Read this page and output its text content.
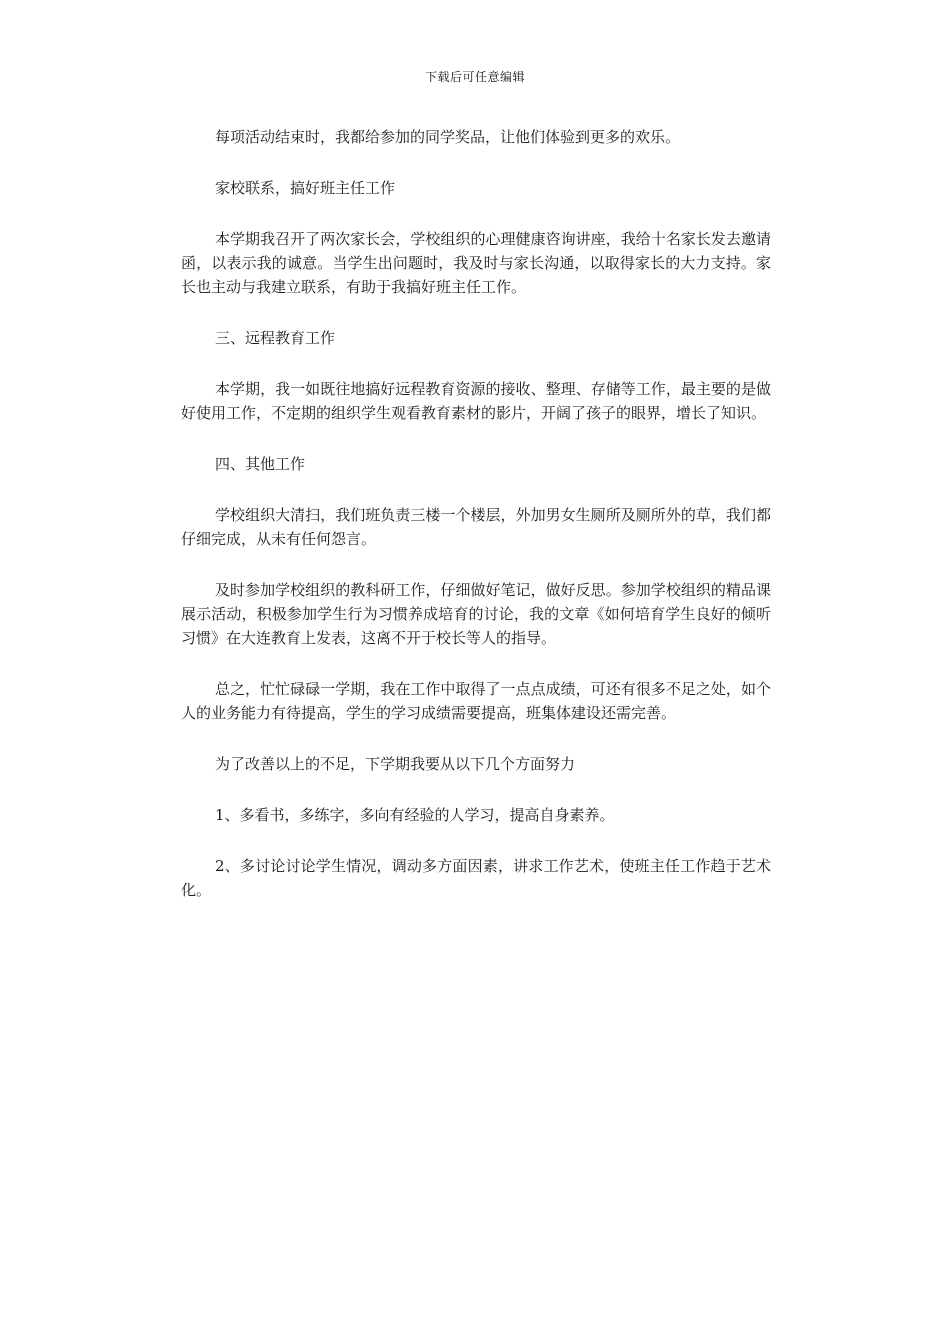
下载后可任意编辑

每项活动结束时，我都给参加的同学奖品，让他们体验到更多的欢乐。

家校联系，搞好班主任工作

本学期我召开了两次家长会，学校组织的心理健康咨询讲座，我给十名家长发去邀请函，以表示我的诚意。当学生出问题时，我及时与家长沟通，以取得家长的大力支持。家长也主动与我建立联系，有助于我搞好班主任工作。

三、远程教育工作

本学期，我一如既往地搞好远程教育资源的接收、整理、存储等工作，最主要的是做好使用工作，不定期的组织学生观看教育素材的影片，开阔了孩子的眼界，增长了知识。

四、其他工作

学校组织大清扫，我们班负责三楼一个楼层，外加男女生厕所及厕所外的草，我们都仔细完成，从未有任何怨言。

及时参加学校组织的教科研工作，仔细做好笔记，做好反思。参加学校组织的精品课展示活动，积极参加学生行为习惯养成培育的讨论，我的文章《如何培育学生良好的倾听习惯》在大连教育上发表，这离不开于校长等人的指导。

总之，忙忙碌碌一学期，我在工作中取得了一点点成绩，可还有很多不足之处，如个人的业务能力有待提高，学生的学习成绩需要提高，班集体建设还需完善。

为了改善以上的不足，下学期我要从以下几个方面努力

1、多看书，多练字，多向有经验的人学习，提高自身素养。

2、多讨论讨论学生情况，调动多方面因素，讲求工作艺术，使班主任工作趋于艺术化。
